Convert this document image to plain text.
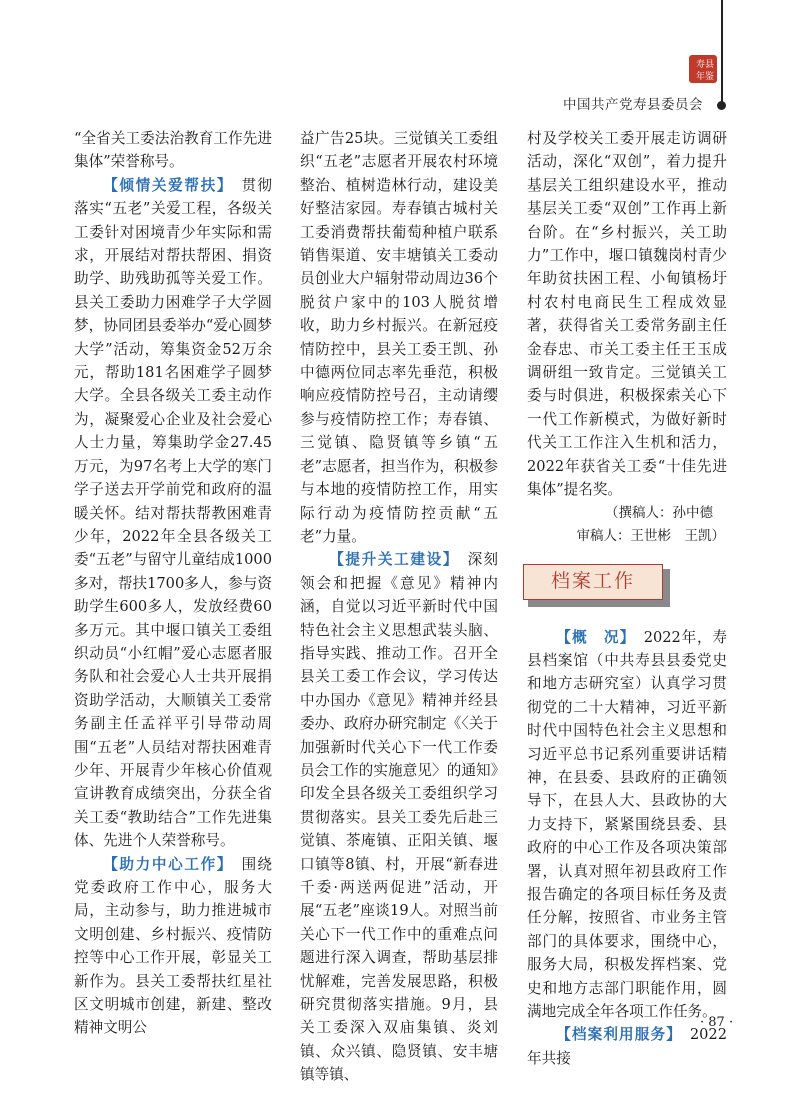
寿 县
年 鉴
中国共产党寿县委员会

“全省关工委法治教育工作先进集体”荣誉称号。

【倾情关爱帮扶】　 贯彻落实“五老”关爱工程，各级关工委针对困境青少年实际和需求，开展结对帮扶帮困、捐资助学、助残助孤等关爱工作。县关工委助力困难学子大学圆梦，协同团县委举办“爱心圆梦大学”活动，筹集资金52万余元，帮助181名困难学子圆梦大学。全县各级关工委主动作为，凝聚爱心企业及社会爱心人士力量，筹集助学金27.45万元，为97名考上大学的寒门学子送去开学前党和政府的温暖关怀。结对帮扶帮教困难青少年，2022年全县各级关工委“五老”与留守儿童结成1000多对，帮扶1700多人，参与资助学生600多人，发放经费60多万元。其中堰口镇关工委组织动员“小红帽”爱心志愿者服务队和社会爱心人士共开展捐资助学活动，大顺镇关工委常务副主任孟祥平引导带动周围“五老”人员结对帮扶困难青少年、开展青少年核心价值观宣讲教育成绩突出，分获全省关工委“教助结合”工作先进集体、先进个人荣誉称号。

【助力中心工作】　 围绕党委政府工作中心，服务大局，主动参与，助力推进城市文明创建、乡村振兴、疫情防控等中心工作开展，彰显关工新作为。县关工委帮扶红星社区文明城市创建，新建、整改精神文明公

益广告25块。三觉镇关工委组织“五老”志愿者开展农村环境整治、植树造林行动，建设美好整洁家园。寿春镇古城村关工委消费帮扶葡萄种植户联系销售渠道、安丰塘镇关工委动员创业大户辐射带动周边36个脱贫户家中的103人脱贫增收，助力乡村振兴。在新冠疫情防控中，县关工委王凯、孙中德两位同志率先垂范，积极响应疫情防控号召，主动请缨参与疫情防控工作；寿春镇、三觉镇、隐贤镇等乡镇“五老”志愿者，担当作为，积极参与本地的疫情防控工作，用实际行动为疫情防控贡献“五老”力量。

【提升关工建设】　 深刻领会和把握《意见》精神内涵，自觉以习近平新时代中国特色社会主义思想武装头脑、指导实践、推动工作。召开全县关工委工作会议，学习传达中办国办《意见》精神并经县委办、政府办研究制定《〈关于加强新时代关心下一代工作委员会工作的实施意见〉的通知》印发全县各级关工委组织学习贯彻落实。县关工委先后赴三觉镇、茶庵镇、正阳关镇、堰口镇等8镇、村，开展“新春进千委·两送两促进”活动，开展“五老”座谈19人。对照当前关心下一代工作中的重难点问题进行深入调查，帮助基层排忧解难，完善发展思路，积极研究贯彻落实措施。9月，县关工委深入双庙集镇、炎刘镇、众兴镇、隐贤镇、安丰塘镇等镇、

村及学校关工委开展走访调研活动，深化“双创”，着力提升基层关工组织建设水平，推动基层关工委“双创”工作再上新台阶。在“乡村振兴，关工助力”工作中，堰口镇魏岗村青少年助贫扶困工程、小甸镇杨圩村农村电商民生工程成效显著，获得省关工委常务副主任金春忠、市关工委主任王玉成调研组一致肯定。三觉镇关工委与时俱进，积极探索关心下一代工作新模式，为做好新时代关工工作注入生机和活力，2022年获省关工委“十佳先进集体”提名奖。

（撰稿人：孙中德
审稿人：王世彬　王凯）
档案工作

【概　况】　 2022年，寿县档案馆（中共寿县县委党史和地方志研究室）认真学习贯彻党的二十大精神，习近平新时代中国特色社会主义思想和习近平总书记系列重要讲话精神，在县委、县政府的正确领导下，在县人大、县政协的大力支持下，紧紧围绕县委、县政府的中心工作及各项决策部署，认真对照年初县政府工作报告确定的各项目标任务及责任分解，按照省、市业务主管部门的具体要求，围绕中心，服务大局，积极发挥档案、党史和地方志部门职能作用，圆满地完成全年各项工作任务。

【档案利用服务】　 2022年共接

· 87 ·
